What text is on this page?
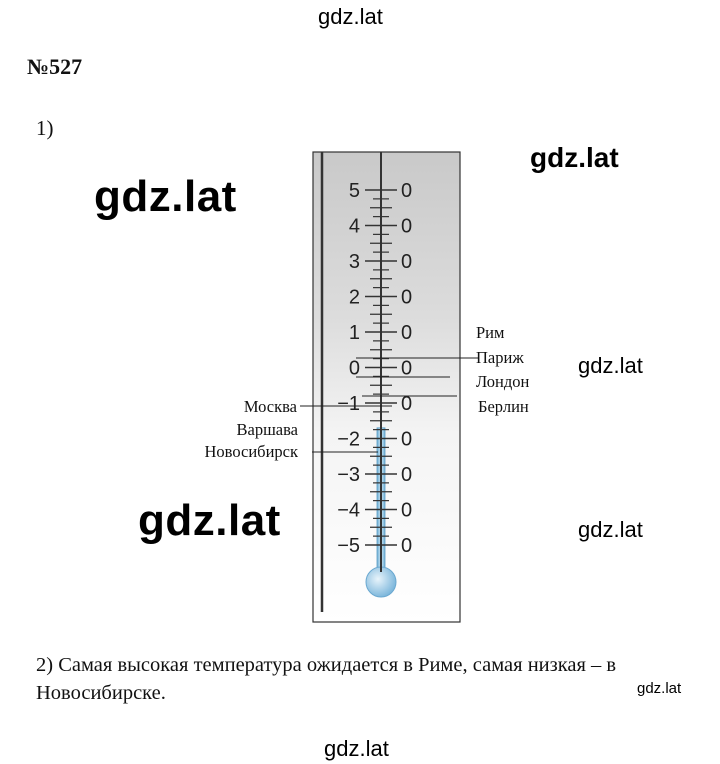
gdz.lat
gdz.lat
gdz.lat
gdz.lat
gdz.lat	gdz.lat
gdz.lat
gdz.lat
№527
1)
5 0
4 0
3 0
2 0
1 0
0 0
−1 0
−2 0
−3 0
−4 0
−5 0
Рим
Париж
Лондон
Берлин
Москва
Варшава
Новосибирск
2) Самая высокая температура ожидается в Риме, самая низкая – в Новосибирске.
